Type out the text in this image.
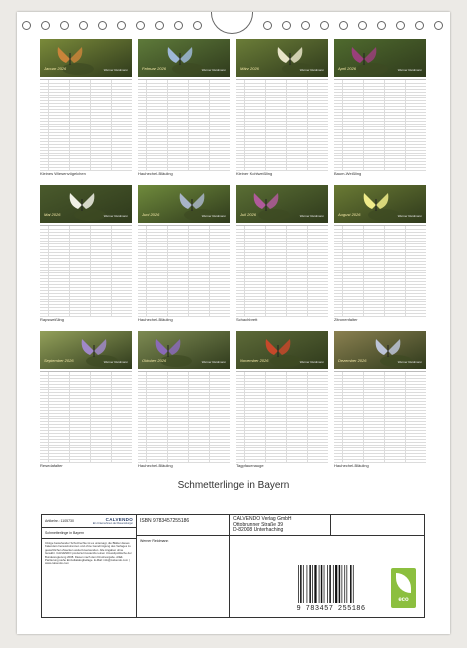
Januar 2026	Werner Reidmann
Kleines Wiesenvögelchen
Februar 2026	Werner Reidmann
Hauhechel-Bläuling
März 2026	Werner Reidmann
Kleiner Kohlweißling
April 2026	Werner Reidmann
Baum-Weißling
Mai 2026	Werner Reidmann
Rapsweißling
Juni 2026	Werner Reidmann
Hauhechel-Bläuling
Juli 2026	Werner Reidmann
Schachbrett
August 2026	Werner Reidmann
Zitronenfalter
September 2026	Werner Reidmann
Resedafalter
Oktober 2026	Werner Reidmann
Hauhechel-Bläuling
November 2026	Werner Reidmann
Tagpfauenauge
Dezember 2026	Werner Reidmann
Hauhechel-Bläuling
Schmetterlinge in Bayern
Artikelnr.: 1105730	CALVENDO
Ein Unternehmen der Ravensburger
Schmetterlinge in Bayern
Infolge bestehender Schutzrechte ist es untersagt, die Blätter dieses Kalenders herauszutrennen und ohne Genehmigung des Verlages zu gewerblichen Zwecken weiterzuverwenden. Alle Angaben ohne Gewähr. CALVENDO produziert kostenfrei einen Umweltpolitische der Bundesregierung 2008. Diesen nach dem Druckvorgabe. Alfall-Paritierung siehe Einzelkatalogbeilage. E-Mail: info@calvendo.com | www.calvendo.com
ISBN 9783457255186
Werner Reidmann
CALVENDO Verlag GmbH
Ottobrunner Straße 39
D-82008 Unterhaching
9 783457 255186
eco
